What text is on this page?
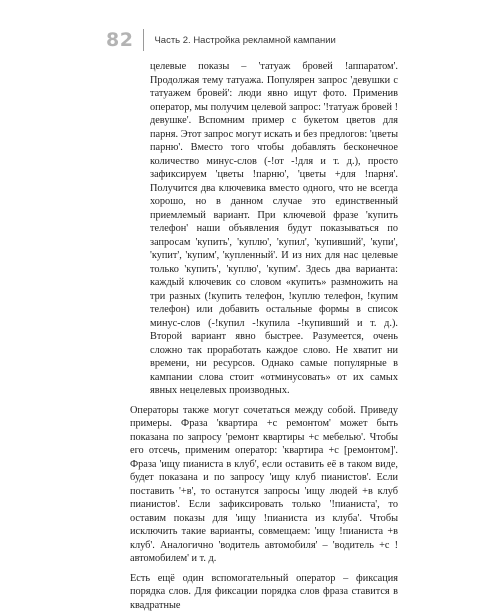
82 Часть 2. Настройка рекламной кампании

целевые показы – 'татуаж бровей !аппаратом'. Продолжая тему татуажа. Популярен запрос 'девушки с татуажем бровей': люди явно ищут фото. Применив оператор, мы получим целевой запрос: '!татуаж бровей !девушке'. Вспомним пример с букетом цветов для парня. Этот запрос могут искать и без предлогов: 'цветы парню'. Вместо того чтобы добавлять бесконечное количество минус-слов (-!от -!для и т. д.), просто зафиксируем 'цветы !парню', 'цветы +для !парня'. Получится два ключевика вместо одного, что не всегда хорошо, но в данном случае это единственный приемлемый вариант. При ключевой фразе 'купить телефон' наши объявления будут показываться по запросам 'купить', 'куплю', 'купил', 'купивший', 'купи', 'купит', 'купим', 'купленный'. И из них для нас целевые только 'купить', 'куплю', 'купим'. Здесь два варианта: каждый ключевик со словом «купить» размножить на три разных (!купить телефон, !куплю телефон, !купим телефон) или добавить остальные формы в список минус-слов (-!купил -!купила -!купивший и т. д.). Второй вариант явно быстрее. Разумеется, очень сложно так проработать каждое слово. Не хватит ни времени, ни ресурсов. Однако самые популярные в кампании слова стоит «отминусовать» от их самых явных нецелевых производных.

Операторы также могут сочетаться между собой. Приведу примеры. Фраза 'квартира +с ремонтом' может быть показана по запросу 'ремонт квартиры +с мебелью'. Чтобы его отсечь, применим оператор: 'квартира +с [ремонтом]'. Фраза 'ищу пианиста в клуб', если оставить её в таком виде, будет показана и по запросу 'ищу клуб пианистов'. Если поставить '+в', то останутся запросы 'ищу людей +в клуб пианистов'. Если зафиксировать только '!пианиста', то оставим показы для 'ищу !пианиста из клуба'. Чтобы исключить такие варианты, совмещаем: 'ищу !пианиста +в клуб'. Аналогично 'водитель автомобиля' – 'водитель +с !автомобилем' и т. д.

Есть ещё один вспомогательный оператор – фиксация порядка слов. Для фиксации порядка слов фраза ставится в квадратные
